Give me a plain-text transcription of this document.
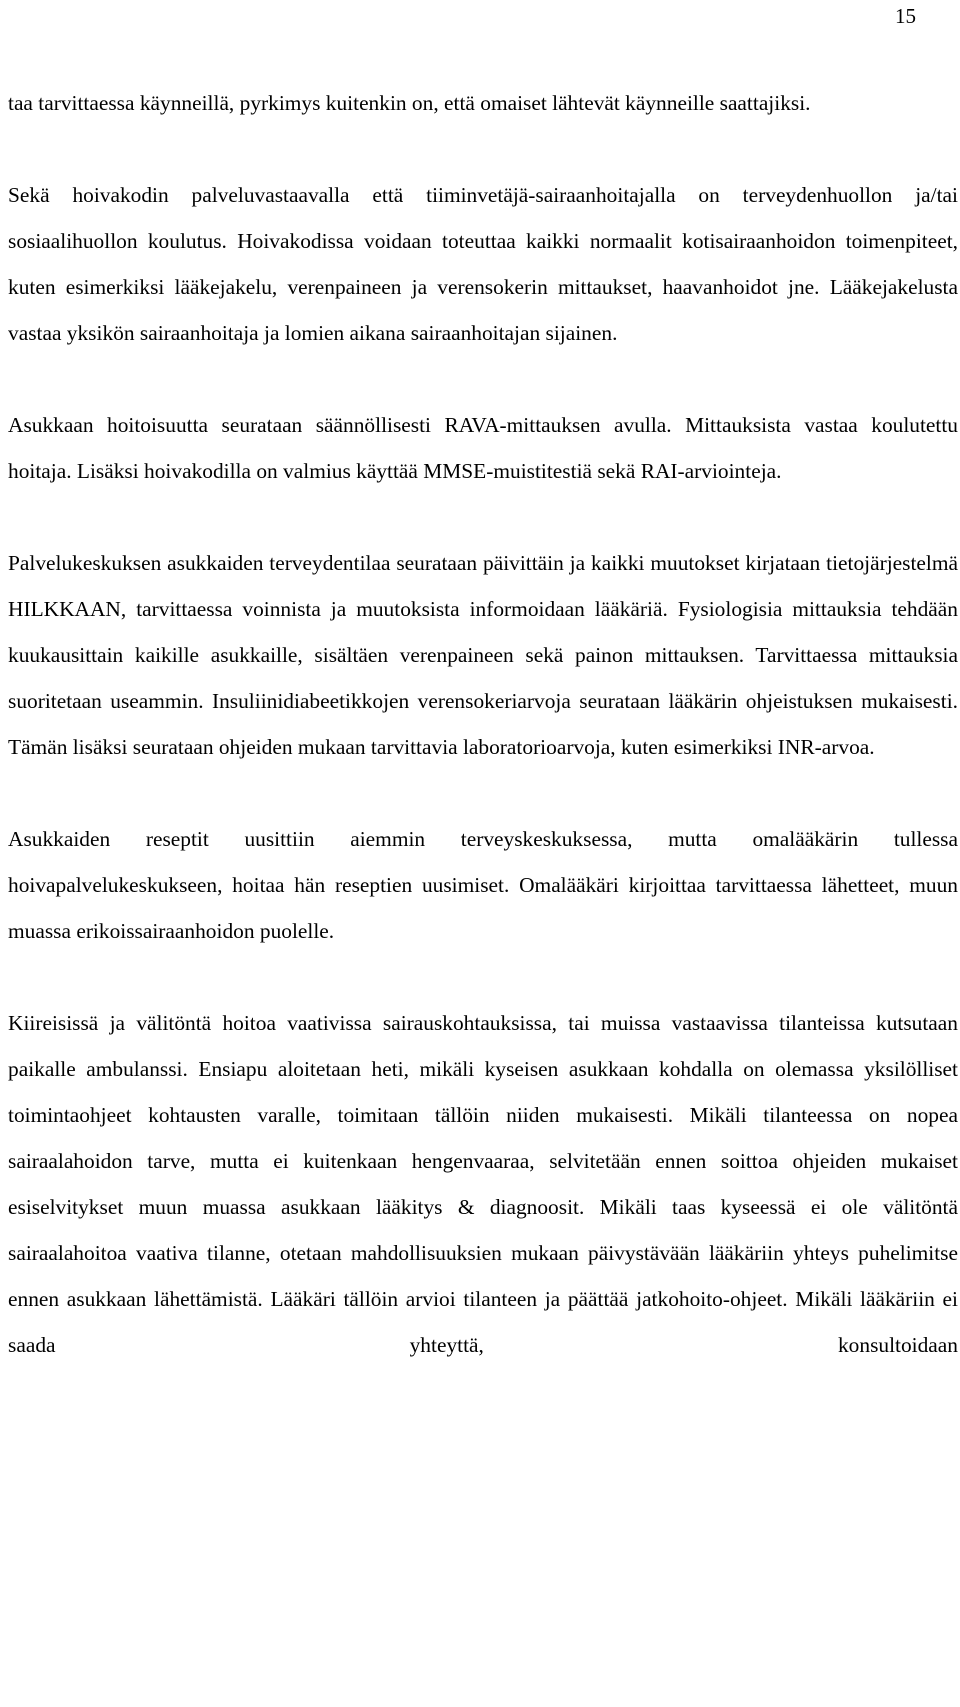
15

taa tarvittaessa käynneillä, pyrkimys kuitenkin on, että omaiset lähtevät käynneille saattajiksi.

Sekä hoivakodin palveluvastaavalla että tiiminvetäjä-sairaanhoitajalla on terveydenhuollon ja/tai sosiaalihuollon koulutus. Hoivakodissa voidaan toteuttaa kaikki normaalit kotisairaanhoidon toimenpiteet, kuten esimerkiksi lääkejakelu, verenpaineen ja verensokerin mittaukset, haavanhoidot jne. Lääkejakelusta vastaa yksikön sairaanhoitaja ja lomien aikana sairaanhoitajan sijainen.

Asukkaan hoitoisuutta seurataan säännöllisesti RAVA-mittauksen avulla. Mittauksista vastaa koulutettu hoitaja. Lisäksi hoivakodilla on valmius käyttää MMSE-muistitestiä sekä RAI-arviointeja.

Palvelukeskuksen asukkaiden terveydentilaa seurataan päivittäin ja kaikki muutokset kirjataan tietojärjestelmä HILKKAAN, tarvittaessa voinnista ja muutoksista informoidaan lääkäriä. Fysiologisia mittauksia tehdään kuukausittain kaikille asukkaille, sisältäen verenpaineen sekä painon mittauksen. Tarvittaessa mittauksia suoritetaan useammin. Insuliinidiabeetikkojen verensokeriarvoja seurataan lääkärin ohjeistuksen mukaisesti. Tämän lisäksi seurataan ohjeiden mukaan tarvittavia laboratorioarvoja, kuten esimerkiksi INR-arvoa.

Asukkaiden reseptit uusittiin aiemmin terveyskeskuksessa, mutta omalääkärin tullessa hoivapalvelukeskukseen, hoitaa hän reseptien uusimiset. Omalääkäri kirjoittaa tarvittaessa lähetteet, muun muassa erikoissairaanhoidon puolelle.

Kiireisissä ja välitöntä hoitoa vaativissa sairauskohtauksissa, tai muissa vastaavissa tilanteissa kutsutaan paikalle ambulanssi. Ensiapu aloitetaan heti, mikäli kyseisen asukkaan kohdalla on olemassa yksilölliset toimintaohjeet kohtausten varalle, toimitaan tällöin niiden mukaisesti. Mikäli tilanteessa on nopea sairaalahoidon tarve, mutta ei kuitenkaan hengenvaaraa, selvitetään ennen soittoa ohjeiden mukaiset esiselvitykset muun muassa asukkaan lääkitys & diagnoosit. Mikäli taas kyseessä ei ole välitöntä sairaalahoitoa vaativa tilanne, otetaan mahdollisuuksien mukaan päivystävään lääkäriin yhteys puhelimitse ennen asukkaan lähettämistä. Lääkäri tällöin arvioi tilanteen ja päättää jatkohoito-ohjeet. Mikäli lääkäriin ei saada yhteyttä, konsultoidaan
